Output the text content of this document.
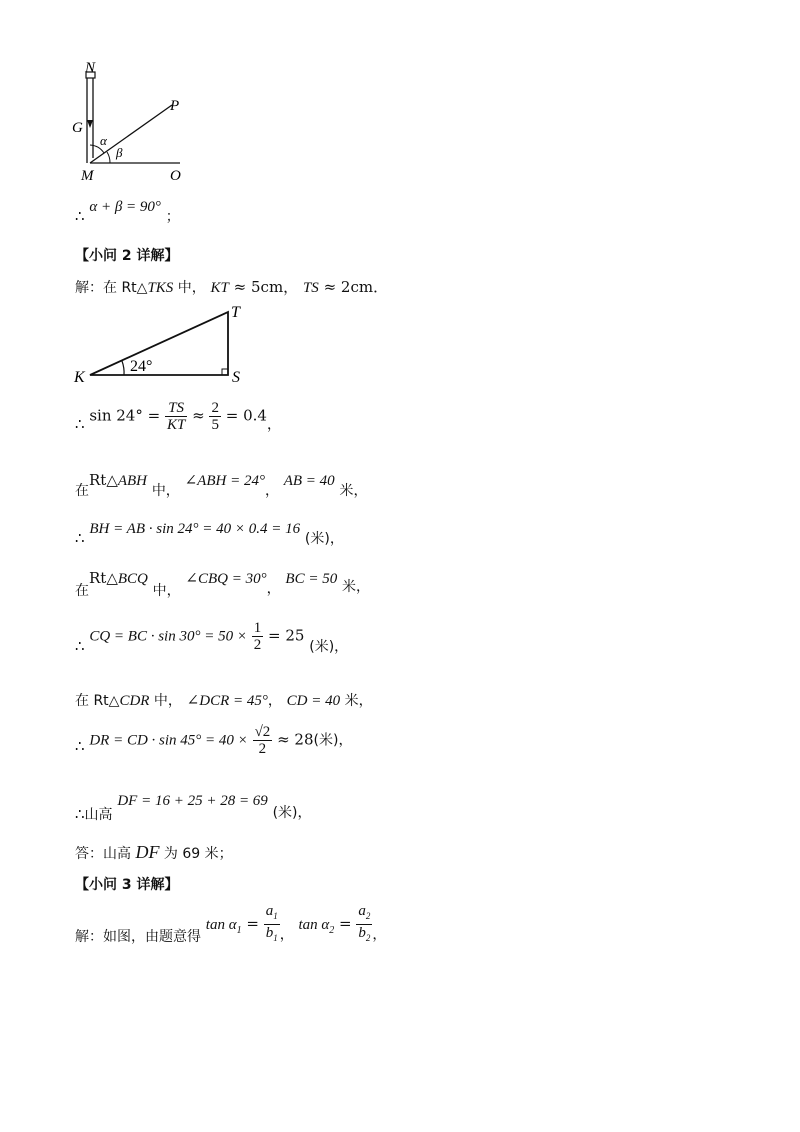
N
G
P
α
β
M	O
∴ α + β = 90° ；
【小问 2 详解】
解：在 Rt△TKS 中， KT ≈ 5cm， TS ≈ 2cm．
T
24°
K	S
∴ $\sin 24^\circ = \frac{TS}{KT} \approx \frac{2}{5} = 0.4$，
在Rt△ABH 中， ∠ABH = 24°， AB = 40 米，
∴ BH = AB · sin 24° = 40 × 0.4 = 16 (米)，
在Rt△BCQ 中， ∠CBQ = 30°， BC = 50 米，
∴ CQ = BC · $\sin 30^\circ = 50 \times \frac{1}{2} = 25$ (米)，
在 Rt△CDR 中， ∠DCR = 45°， CD = 40 米，
∴ DR = CD · $\sin 45^\circ = 40 \times \frac{√2}{2} \approx 28$(米)，
∴山高 DF = 16 + 25 + 28 = 69 (米)，
答：山高 DF 为 69 米；
【小问 3 详解】
解：如图，由题意得 $\tan \alpha_1 = \frac{a_1}{b_1}$ ， $\tan \alpha_2 = \frac{a_2}{b_2}$ ，
